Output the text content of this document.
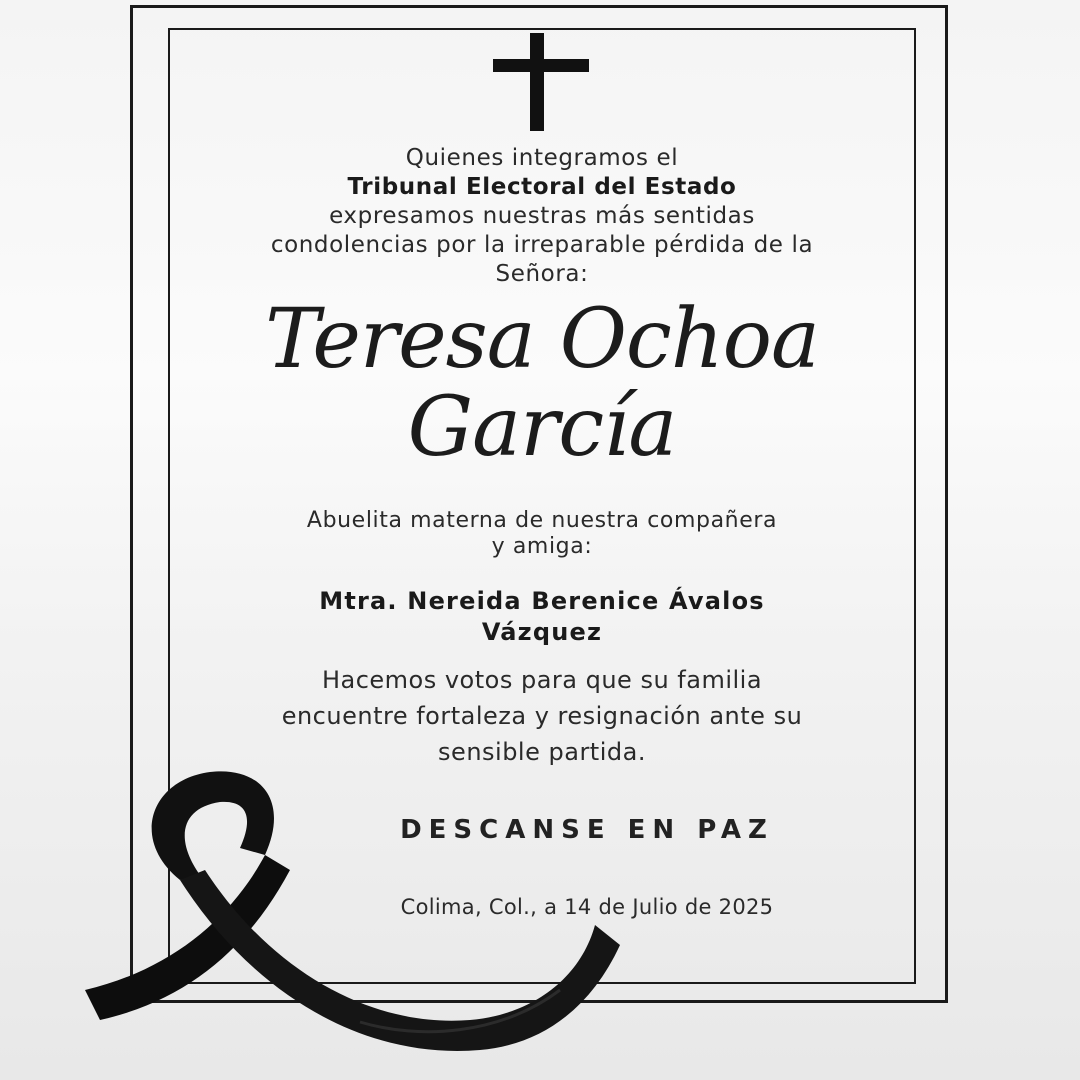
Quienes integramos el
Tribunal Electoral del Estado
expresamos nuestras más sentidas
condolencias por la irreparable pérdida de la
Señora:
Teresa Ochoa
García
Abuelita materna de nuestra compañera
y amiga:
Mtra. Nereida Berenice Ávalos
Vázquez
Hacemos votos para que su familia
encuentre fortaleza y resignación ante su
sensible partida.
DESCANSE EN PAZ
Colima, Col., a 14 de Julio de 2025
